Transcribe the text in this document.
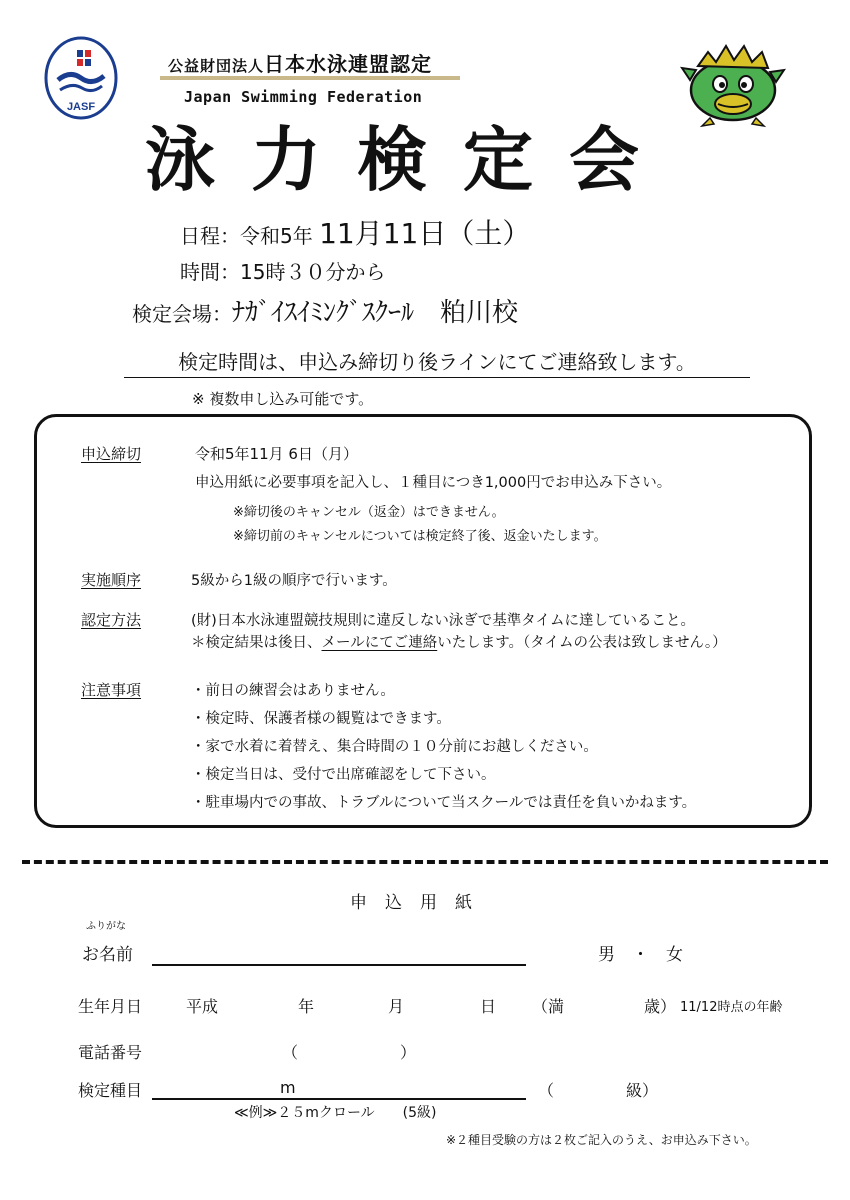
JASF
公益財団法人日本水泳連盟認定
Japan Swimming Federation
泳力検定会
日程：令和5年 11月11日（土）
時間：15時３０分から
検定会場：ﾅｶﾞｲｽｲﾐﾝｸﾞｽｸｰﾙ　粕川校
検定時間は、申込み締切り後ラインにてご連絡致します。
※ 複数申し込み可能です。
申込締切	令和5年11月 6日（月）
申込用紙に必要事項を記入し、１種目につき1,000円でお申込み下さい。
※締切後のキャンセル（返金）はできません。
※締切前のキャンセルについては検定終了後、返金いたします。
実施順序	5級から1級の順序で行います。
認定方法	(財)日本水泳連盟競技規則に違反しない泳ぎで基準タイムに達していること。
＊検定結果は後日、メールにてご連絡いたします。（タイムの公表は致しません。）
注意事項	・前日の練習会はありません。
・検定時、保護者様の観覧はできます。
・家で水着に着替え、集合時間の１０分前にお越しください。
・検定当日は、受付で出席確認をして下さい。
・駐車場内での事故、トラブルについて当スクールでは責任を負いかねます。
申込用紙
ふりがな
お名前	男　・　女
生年月日	平成	年	月	日 （満	歳） 11/12時点の年齢
電話番号	（	）
検定種目	m	（	級）
≪例≫２５mクロール　　(5級)
※２種目受験の方は２枚ご記入のうえ、お申込み下さい。
